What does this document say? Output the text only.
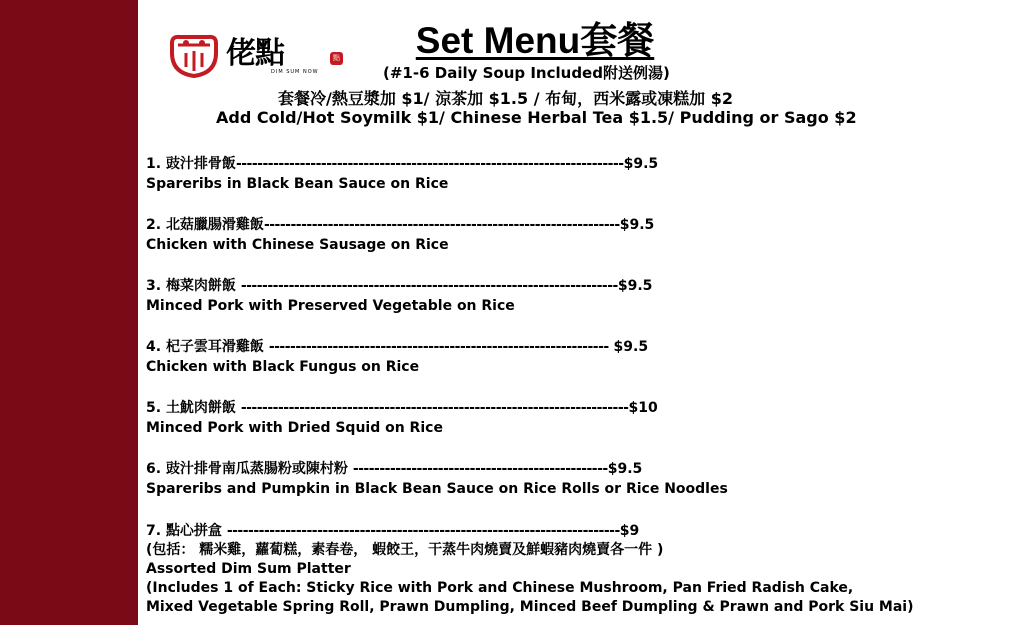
佬點
DIM SUM NOW
點心
Set Menu套餐
(#1-6 Daily Soup Included附送例湯)
套餐冷/熱豆漿加 $1/ 涼茶加 $1.5 / 布甸，西米露或凍糕加 $2
Add Cold/Hot Soymilk $1/ Chinese Herbal Tea $1.5/ Pudding or Sago $2
1. 豉汁排骨飯-------------------------------------------------------------------------$9.5
Spareribs in Black Bean Sauce on Rice
2. 北菇臘腸滑雞飯-------------------------------------------------------------------$9.5
Chicken with Chinese Sausage on Rice
3. 梅菜肉餅飯 -----------------------------------------------------------------------$9.5
Minced Pork with Preserved Vegetable on Rice
4. 杞子雲耳滑雞飯 ---------------------------------------------------------------- $9.5
Chicken with Black Fungus on Rice
5. 土魷肉餅飯 -------------------------------------------------------------------------$10
Minced Pork with Dried Squid on Rice
6. 豉汁排骨南瓜蒸腸粉或陳村粉 ------------------------------------------------$9.5
Spareribs and Pumpkin in Black Bean Sauce on Rice Rolls or Rice Noodles
7. 點心拼盒 --------------------------------------------------------------------------$9
(包括： 糯米雞，蘿蔔糕，素春卷， 蝦餃王，干蒸牛肉燒賣及鮮蝦豬肉燒賣各一件 )
Assorted Dim Sum Platter
(Includes 1 of Each: Sticky Rice with Pork and Chinese Mushroom, Pan Fried Radish Cake,
Mixed Vegetable Spring Roll, Prawn Dumpling, Minced Beef Dumpling & Prawn and Pork Siu Mai)
